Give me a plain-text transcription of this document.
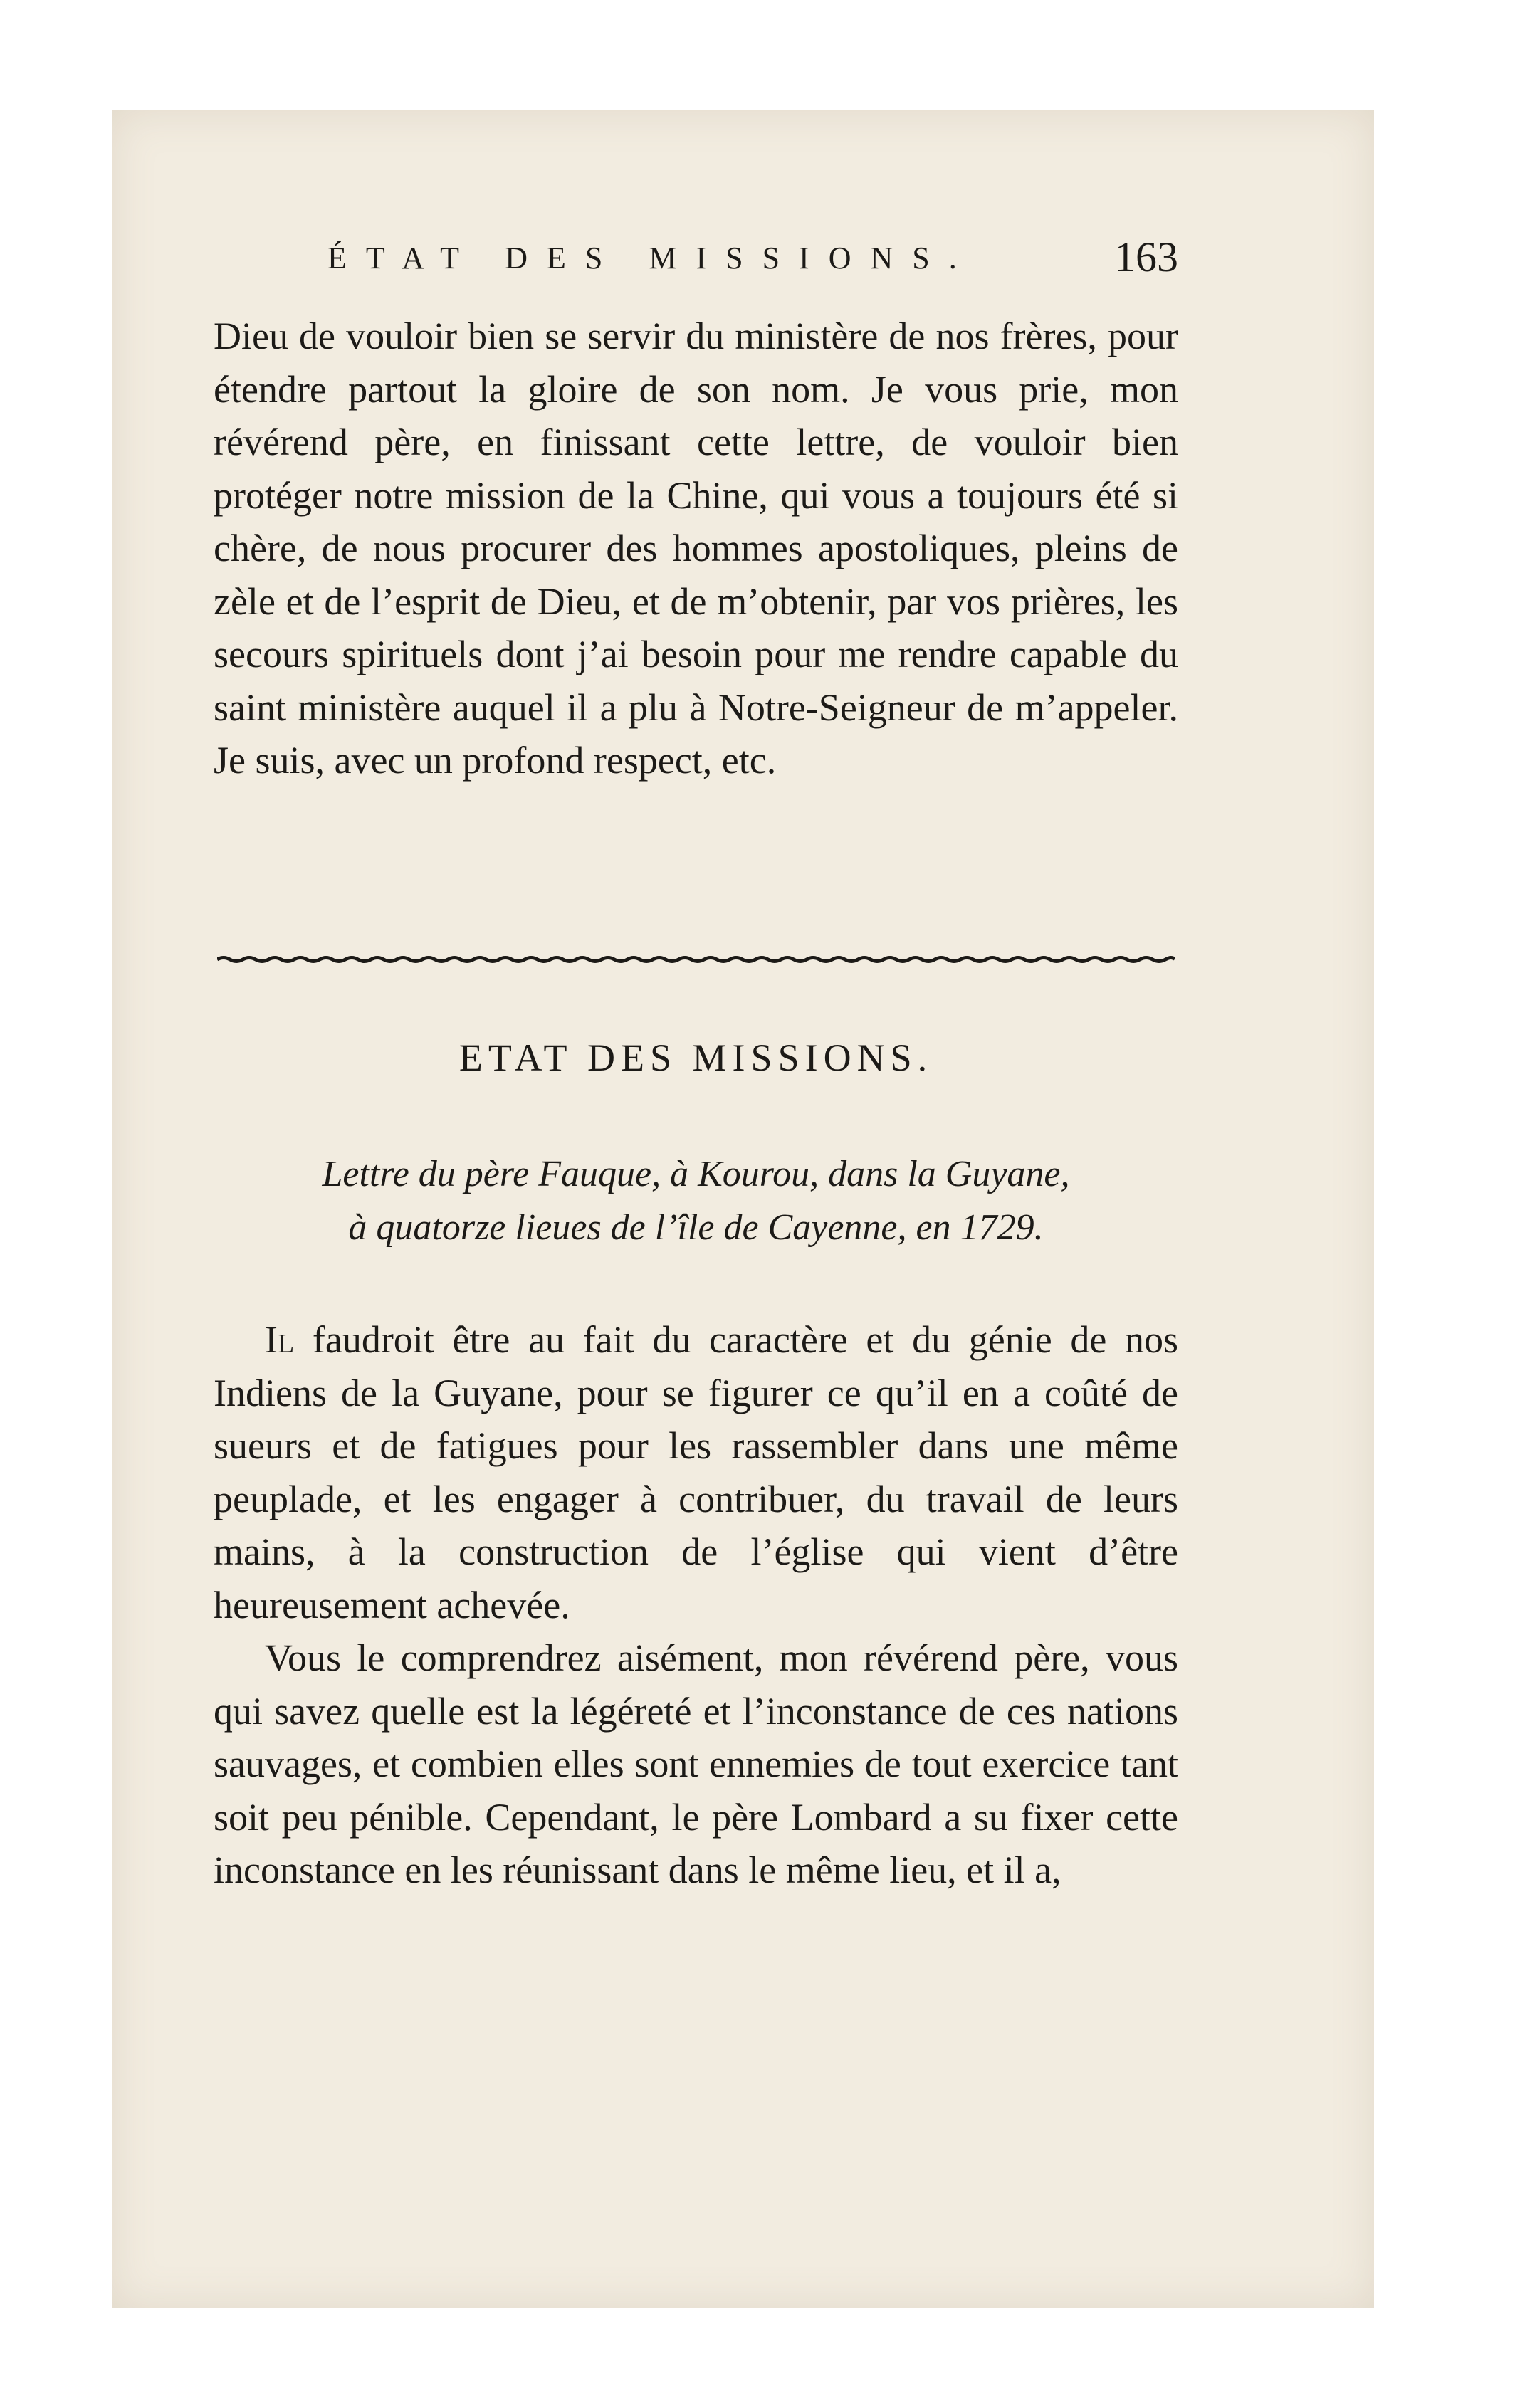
ÉTAT DES MISSIONS.	163

Dieu de vouloir bien se servir du ministère de nos frères, pour étendre partout la gloire de son nom. Je vous prie, mon révérend père, en finissant cette lettre, de vouloir bien protéger notre mission de la Chine, qui vous a toujours été si chère, de nous procurer des hommes apostoliques, pleins de zèle et de l’esprit de Dieu, et de m’obtenir, par vos prières, les secours spirituels dont j’ai besoin pour me rendre capable du saint ministère auquel il a plu à Notre-Seigneur de m’appeler. Je suis, avec un profond respect, etc.

ETAT DES MISSIONS.
Lettre du père Fauque, à Kourou, dans la Guyane,
à quatorze lieues de l’île de Cayenne, en 1729.

Il faudroit être au fait du caractère et du génie de nos Indiens de la Guyane, pour se figurer ce qu’il en a coûté de sueurs et de fatigues pour les rassembler dans une même peuplade, et les engager à contribuer, du travail de leurs mains, à la construction de l’église qui vient d’être heureusement achevée.

Vous le comprendrez aisément, mon révérend père, vous qui savez quelle est la légéreté et l’inconstance de ces nations sauvages, et combien elles sont ennemies de tout exercice tant soit peu pénible. Cependant, le père Lombard a su fixer cette inconstance en les réunissant dans le même lieu, et il a,
